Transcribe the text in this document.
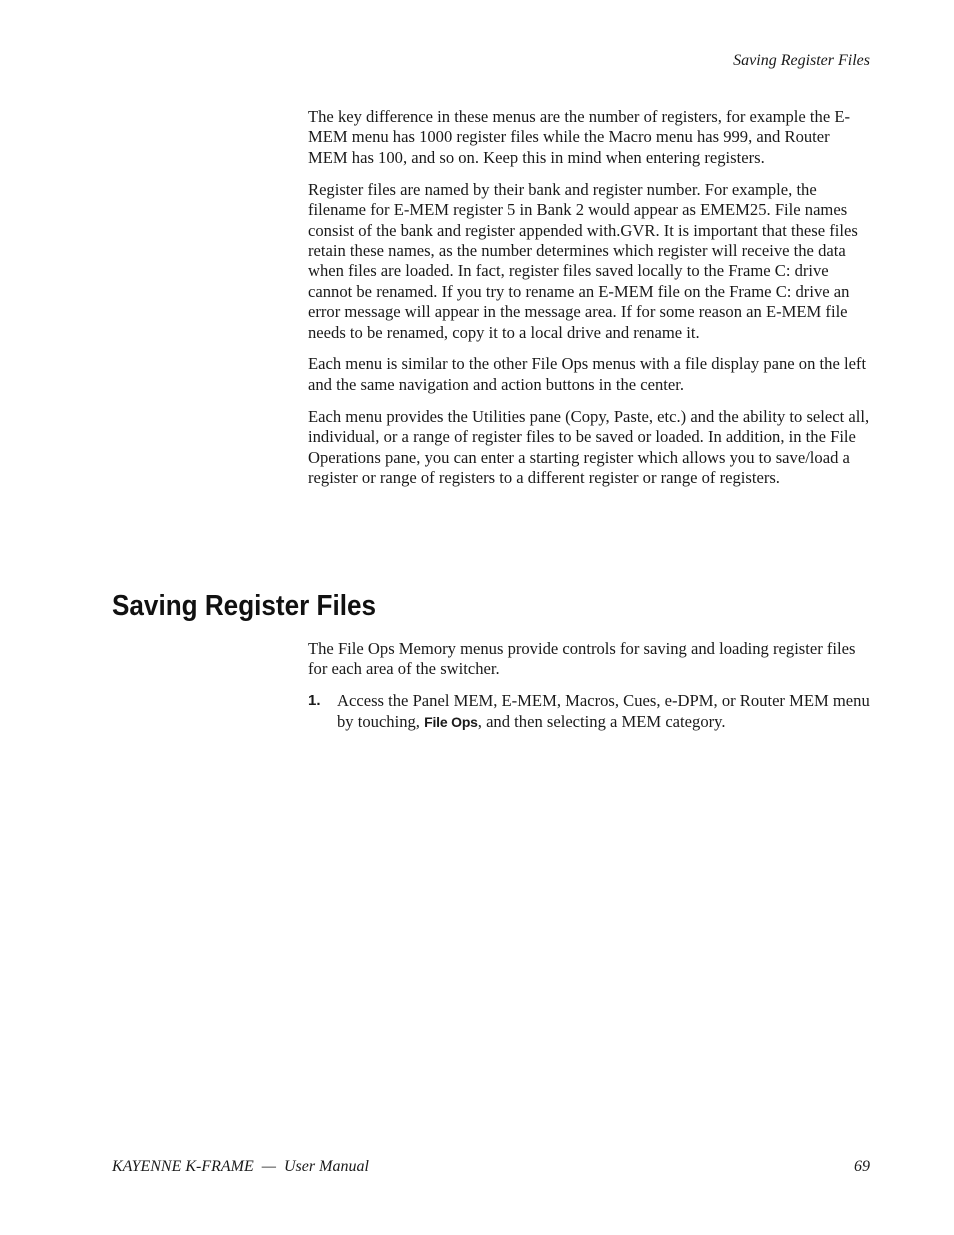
Saving Register Files

The key difference in these menus are the number of registers, for example the E-MEM menu has 1000 register files while the Macro menu has 999, and Router MEM has 100, and so on. Keep this in mind when entering registers.

Register files are named by their bank and register number. For example, the filename for E-MEM register 5 in Bank 2 would appear as EMEM25. File names consist of the bank and register appended with.GVR. It is important that these files retain these names, as the number determines which register will receive the data when files are loaded. In fact, register files saved locally to the Frame C: drive cannot be renamed. If you try to rename an E-MEM file on the Frame C: drive an error message will appear in the message area. If for some reason an E-MEM file needs to be renamed, copy it to a local drive and rename it.

Each menu is similar to the other File Ops menus with a file display pane on the left and the same navigation and action buttons in the center.

Each menu provides the Utilities pane (Copy, Paste, etc.) and the ability to select all, individual, or a range of register files to be saved or loaded. In addition, in the File Operations pane, you can enter a starting register which allows you to save/load a register or range of registers to a different register or range of registers.

Saving Register Files

The File Ops Memory menus provide controls for saving and loading register files for each area of the switcher.

1. Access the Panel MEM, E-MEM, Macros, Cues, e-DPM, or Router MEM menu by touching, File Ops, and then selecting a MEM category.

KAYENNE K-FRAME  —  User Manual	69
